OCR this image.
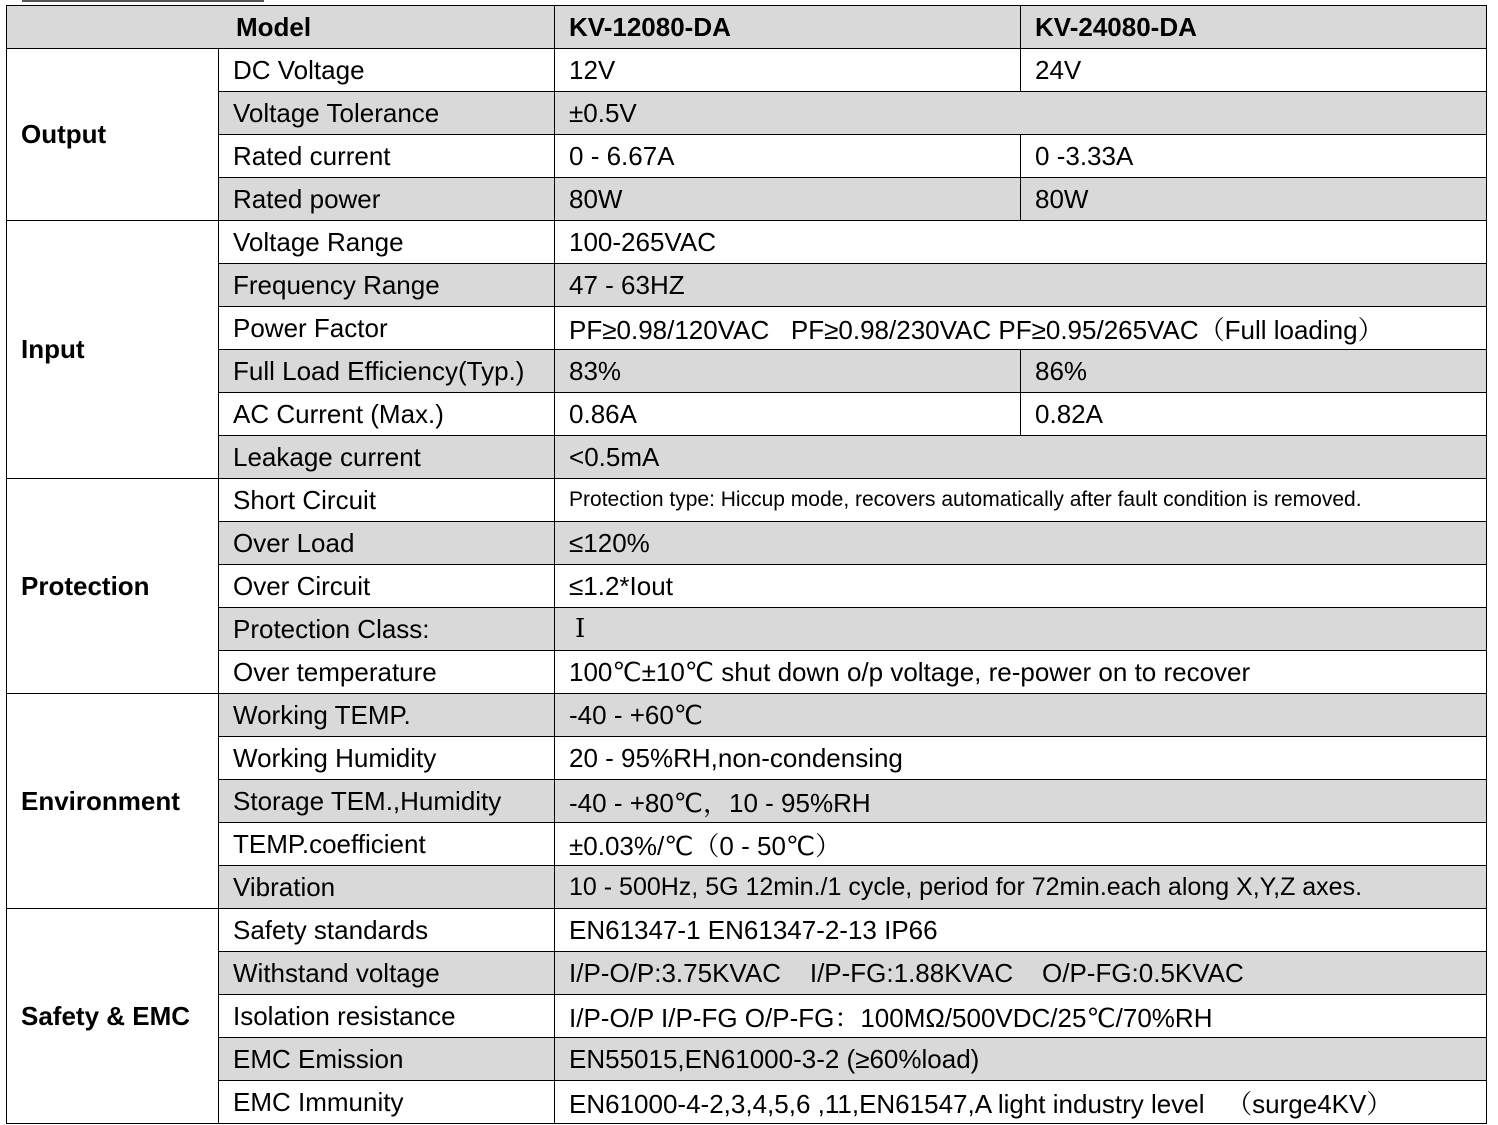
Model		KV-12080-DA	KV-24080-DA
Output	DC Voltage	12V	24V
	Voltage Tolerance	±0.5V	
	Rated current	0 - 6.67A	0 -3.33A
	Rated power	80W	80W
Input	Voltage Range	100-265VAC	
	Frequency Range	47 - 63HZ	
	Power Factor	PF≥0.98/120VAC   PF≥0.98/230VAC PF≥0.95/265VAC（Full loading）	
	Full Load Efficiency(Typ.)	83%	86%
	AC Current (Max.)	0.86A	0.82A
	Leakage current	<0.5mA	
Protection	Short Circuit	Protection type: Hiccup mode, recovers automatically after fault condition is removed.	
	Over Load	≤120%	
	Over Circuit	≤1.2*Iout	
	Protection Class:	Ⅰ	
	Over temperature	100℃±10℃ shut down o/p voltage, re-power on to recover	
Environment	Working TEMP.	-40 - +60℃	
	Working Humidity	20 - 95%RH,non-condensing	
	Storage TEM.,Humidity	-40 - +80℃，10 - 95%RH	
	TEMP.coefficient	±0.03%/℃（0 - 50℃）	
	Vibration	10 - 500Hz, 5G 12min./1 cycle, period for 72min.each along X,Y,Z axes.	
Safety & EMC	Safety standards	EN61347-1 EN61347-2-13 IP66	
	Withstand voltage	I/P-O/P:3.75KVAC    I/P-FG:1.88KVAC    O/P-FG:0.5KVAC	
	Isolation resistance	I/P-O/P I/P-FG O/P-FG：100MΩ/500VDC/25℃/70%RH	
	EMC Emission	EN55015,EN61000-3-2 (≥60%load)	
	EMC Immunity	EN61000-4-2,3,4,5,6 ,11,EN61547,A light industry level   （surge4KV）	
